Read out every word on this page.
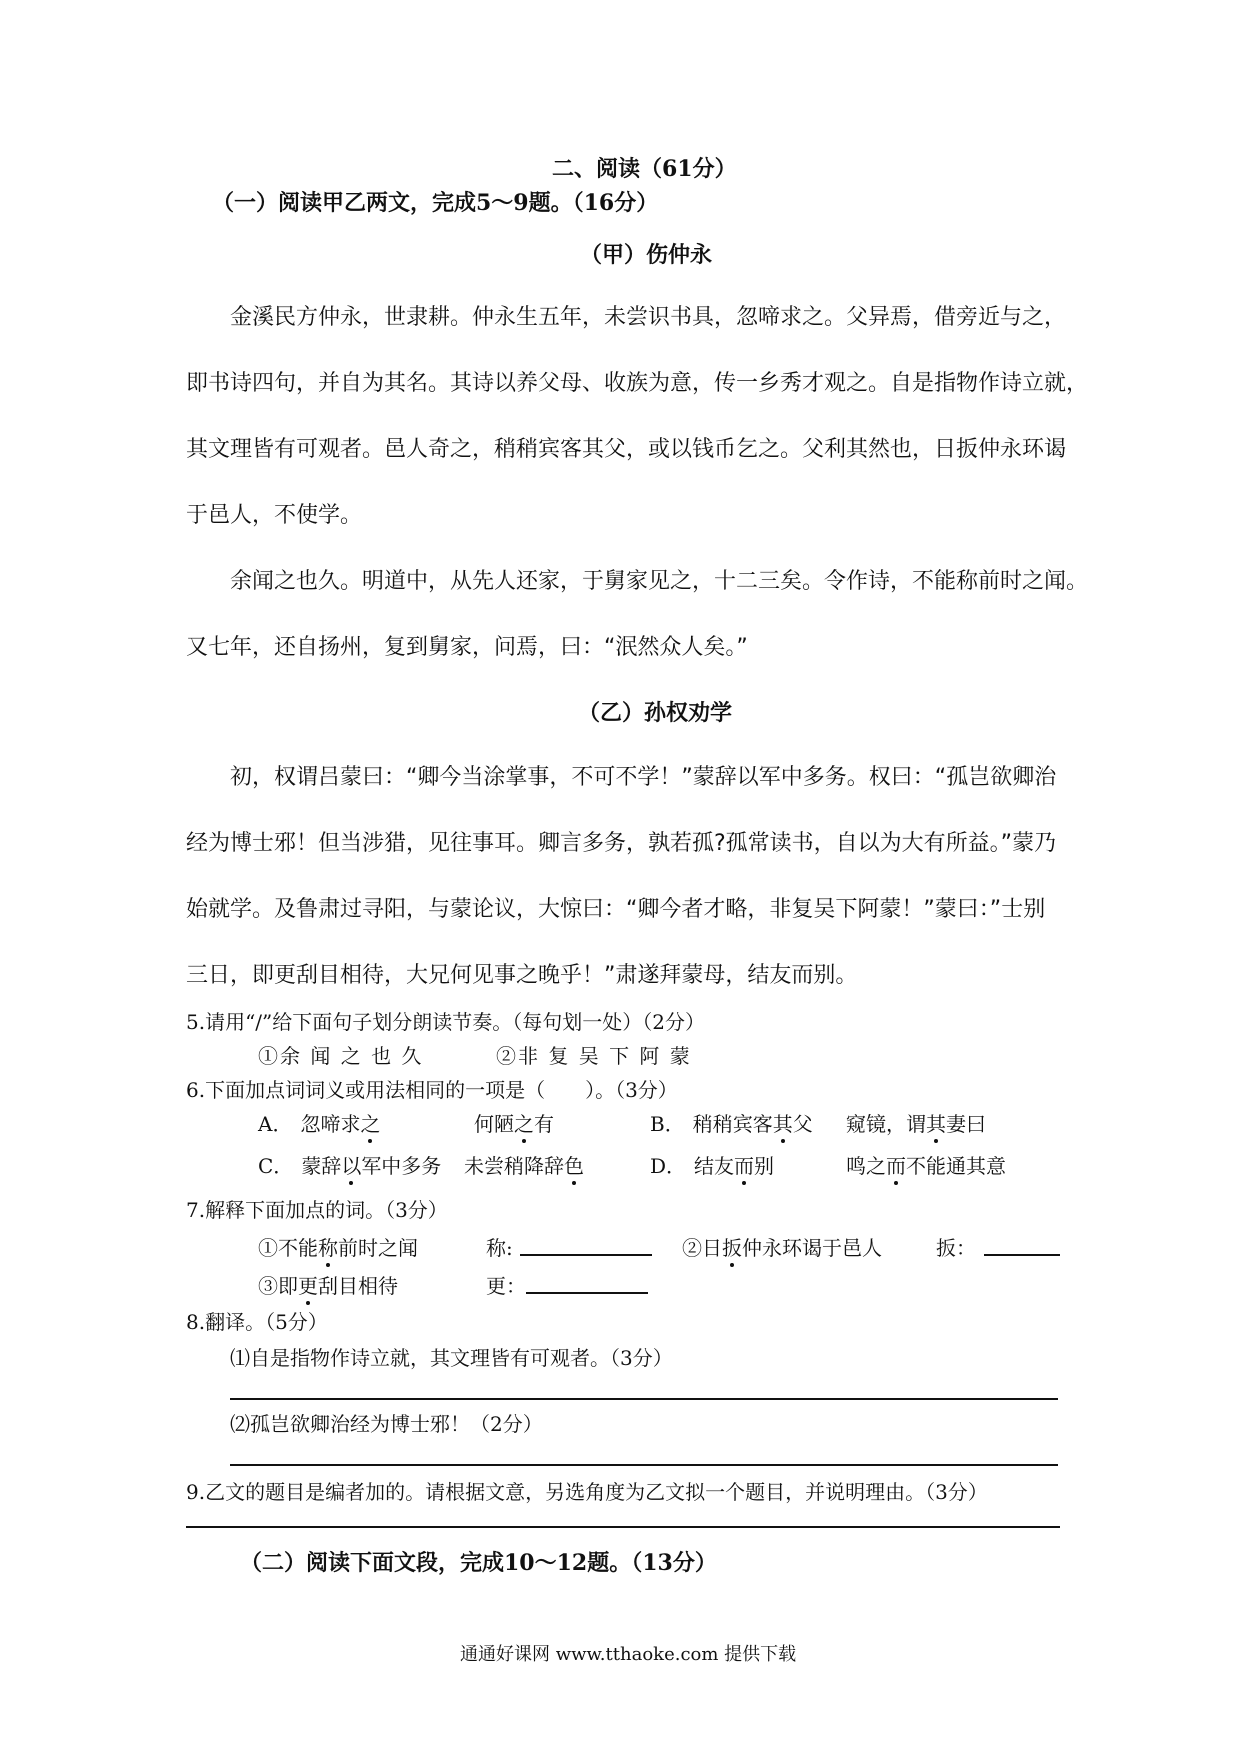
二、阅读（61分）
（一）阅读甲乙两文，完成5～9题。（16分）
（甲）伤仲永
金溪民方仲永，世隶耕。仲永生五年，未尝识书具，忽啼求之。父异焉，借旁近与之，
即书诗四句，并自为其名。其诗以养父母、收族为意，传一乡秀才观之。自是指物作诗立就，
其文理皆有可观者。邑人奇之，稍稍宾客其父，或以钱币乞之。父利其然也，日扳仲永环谒
于邑人，不使学。
余闻之也久。明道中，从先人还家，于舅家见之，十二三矣。令作诗，不能称前时之闻。
又七年，还自扬州，复到舅家，问焉，曰：“泯然众人矣。”
（乙）孙权劝学
初，权谓吕蒙曰：“卿今当涂掌事，不可不学！”蒙辞以军中多务。权曰：“孤岂欲卿治
经为博士邪！但当涉猎，见往事耳。卿言多务，孰若孤?孤常读书，自以为大有所益。”蒙乃
始就学。及鲁肃过寻阳，与蒙论议，大惊曰：“卿今者才略，非复吴下阿蒙！”蒙曰：”士别
三日，即更刮目相待，大兄何见事之晚乎！”肃遂拜蒙母，结友而别。
5.请用“/”给下面句子划分朗读节奏。（每句划一处）（2分）
①余 闻 之 也 久	②非 复 吴 下 阿 蒙
6.下面加点词词义或用法相同的一项是（　　）。（3分）
A． 忽啼求之	何陋之有	B． 稍稍宾客其父 窥镜，谓其妻曰
C． 蒙辞以军中多务 未尝稍降辞色	D． 结友而别	鸣之而不能通其意
7.解释下面加点的词。（3分）
①不能称前时之闻	称:	②日扳仲永环谒于邑人	扳：
③即更刮目相待	更：
8.翻译。（5分）
⑴自是指物作诗立就，其文理皆有可观者。（3分）
⑵孤岂欲卿治经为博士邪！（2分）
9.乙文的题目是编者加的。请根据文意，另选角度为乙文拟一个题目，并说明理由。（3分）
（二）阅读下面文段，完成10～12题。（13分）
通通好课网 www.tthaoke.com 提供下载
